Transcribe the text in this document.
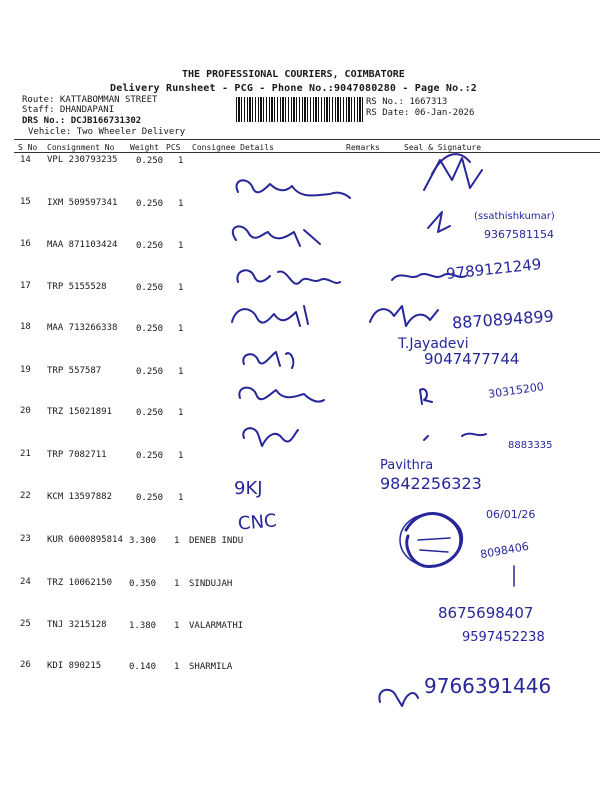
THE PROFESSIONAL COURIERS, COIMBATORE
Delivery Runsheet - PCG - Phone No.:9047080280 - Page No.:2
Route: KATTABOMMAN STREET
Staff: DHANDAPANI
DRS No.: DCJB166731302
Vehicle: Two Wheeler Delivery
RS No.: 1667313
RS Date: 06-Jan-2026
S No Consignment No Weight PCS Consignee Details	Remarks	Seal & Signature
14 VPL 230793235 0.250 1
15 IXM 509597341 0.250 1
16 MAA 871103424 0.250 1
17 TRP 5155528	0.250 1
18 MAA 713266338 0.250 1
19 TRP 557587	0.250 1
20 TRZ 15021891	0.250 1
21 TRP 7082711	0.250 1
22 KCM 13597882	0.250 1
23 KUR 6000895814 3.300 1 DENEB INDU
24 TRZ 10062150 0.350 1 SINDUJAH
25 TNJ 3215128 1.380 1 VALARMATHI
26 KDI 890215	0.140 1 SHARMILA
(ssathishkumar)
9367581154
9789121249
8870894899
T.Jayadevi
9047477744
30315200
8883335
Pavithra
9842256323
9KJ
CNC	06/01/26
8098406
8675698407
9597452238
9766391446
